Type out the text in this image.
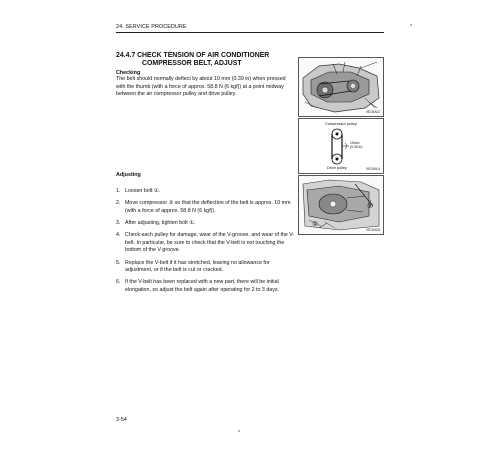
24. SERVICE PROCEDURE
24.4.7 CHECK TENSION OF AIR CONDITIONER
COMPRESSOR BELT, ADJUST
Checking
The belt should normally deflect by about 10 mm (0.39 in) when pressed with the thumb (with a force of approx. 58.8 N (6 kgf)) at a point midway between the air compressor pulley and drive pulley.
Adjusting
1. Loosen bolt ①.
2. Move compressor ② so that the deflection of the belt is approx. 10 mm (with a force of approx. 58.8 N (6 kgf)).
3. After adjusting, tighten bolt ①.
4. Check each pulley for damage, wear of the V-groove, and wear of the V-belt. In particular, be sure to check that the V-belt is not touching the bottom of the V-groove.
5. Replace the V-belt if it has stretched, leaving no allowance for adjustment, or if the belt is cut or cracked.
6. If the V-belt has been replaced with a new part, there will be initial elongation, so adjust the belt again after operating for 2 to 3 days.
9EO5A02
Compressor pulley
10mm
(0.39 in)
Drive pulley	9EO5A04
①
②
9EO5A05
3-54
